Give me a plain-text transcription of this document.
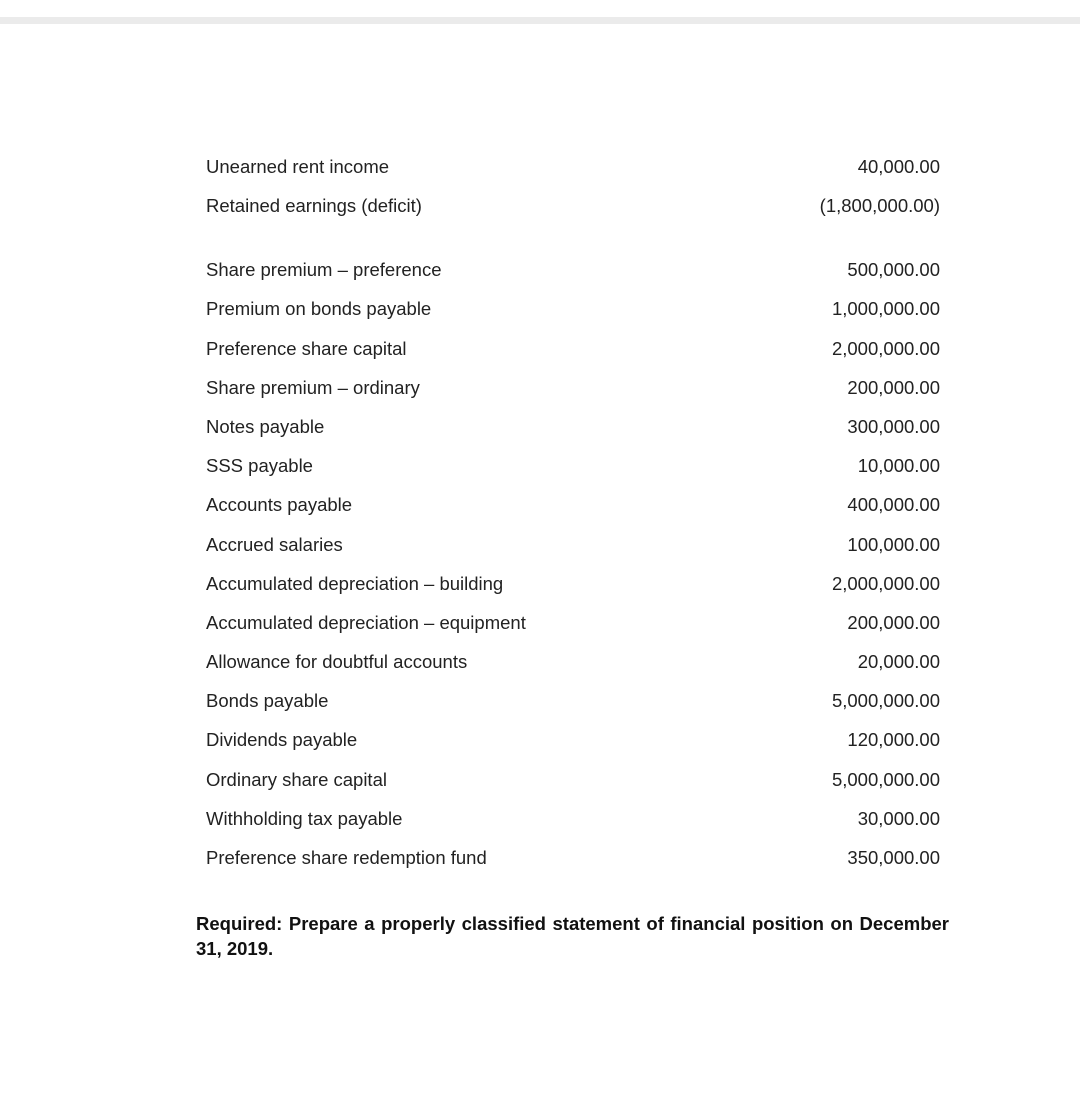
Unearned rent income	40,000.00
Retained earnings (deficit)	(1,800,000.00)
Share premium – preference	500,000.00
Premium on bonds payable	1,000,000.00
Preference share capital	2,000,000.00
Share premium – ordinary	200,000.00
Notes payable	300,000.00
SSS payable	10,000.00
Accounts payable	400,000.00
Accrued salaries	100,000.00
Accumulated depreciation – building	2,000,000.00
Accumulated depreciation – equipment	200,000.00
Allowance for doubtful accounts	20,000.00
Bonds payable	5,000,000.00
Dividends payable	120,000.00
Ordinary share capital	5,000,000.00
Withholding tax payable	30,000.00
Preference share redemption fund	350,000.00
Required: Prepare a properly classified statement of financial position on December 31, 2019.
